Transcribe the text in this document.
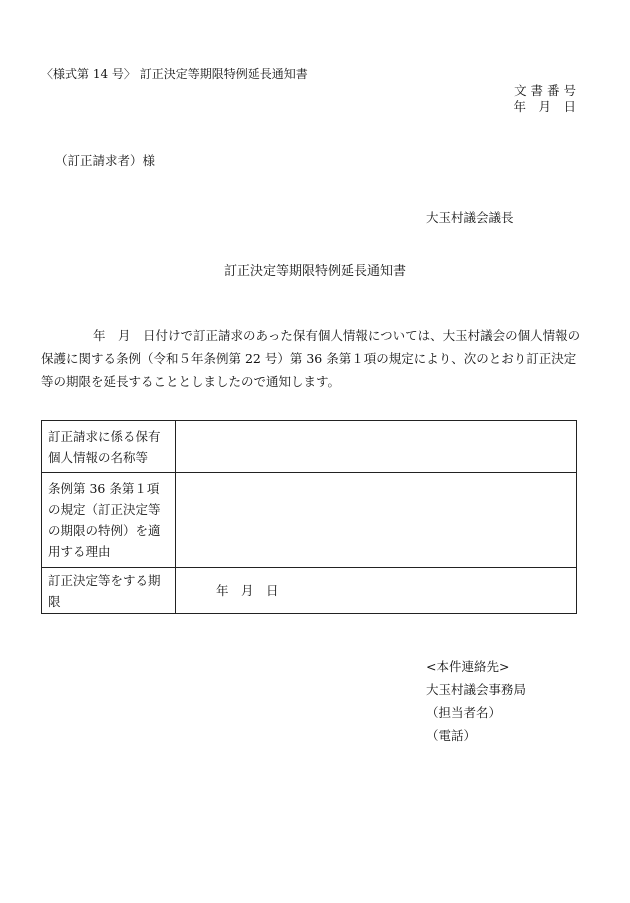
〈様式第 14 号〉 訂正決定等期限特例延長通知書
文 書 番 号
年　月　日
（訂正請求者）様
大玉村議会議長
訂正決定等期限特例延長通知書
年　月　日付けで訂正請求のあった保有個人情報については、大玉村議会の個人情報の保護に関する条例（令和５年条例第 22 号）第 36 条第１項の規定により、次のとおり訂正決定等の期限を延長することとしましたので通知します。
訂正請求に係る保有個人情報の名称等	
条例第 36 条第１項の規定（訂正決定等の期限の特例）を適用する理由	
訂正決定等をする期限	年　月　日
<本件連絡先>
大玉村議会事務局
（担当者名）
（電話）
